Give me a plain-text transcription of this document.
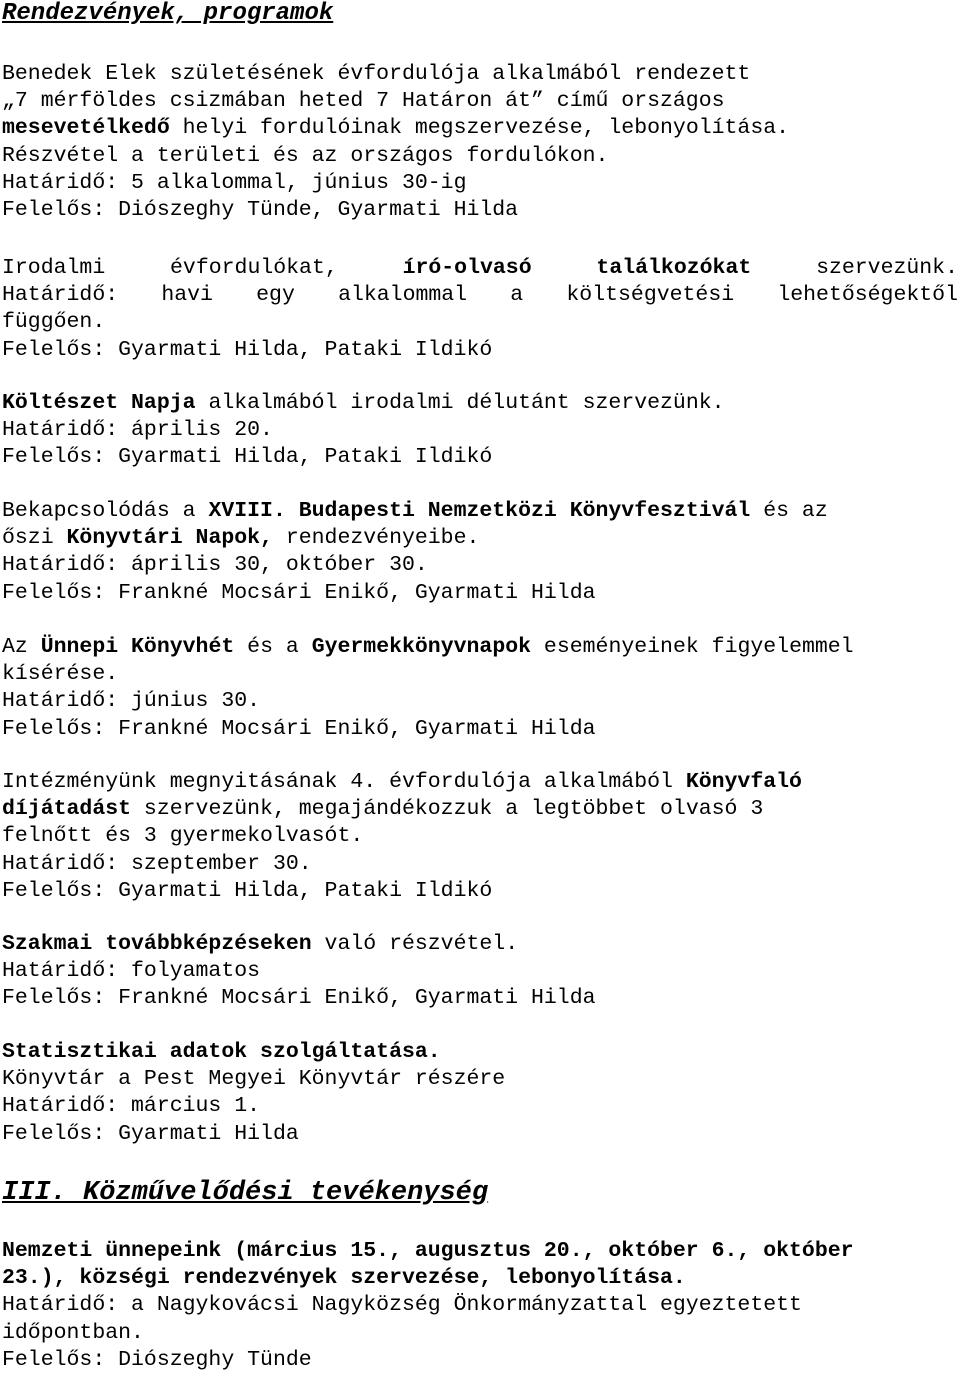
Rendezvények, programok
Benedek Elek születésének évfordulója alkalmából rendezett
„7 mérföldes csizmában heted 7 Határon át” című országos
mesevetélkedő helyi fordulóinak megszervezése, lebonyolítása.
Részvétel a területi és az országos fordulókon.
Határidő: 5 alkalommal, június 30-ig
Felelős: Diószeghy Tünde, Gyarmati Hilda
Irodalmi	évfordulókat,	író-olvasó	találkozókat	szervezünk.
Határidő: havi egy alkalommal a költségvetési lehetőségektől
függően.
Felelős: Gyarmati Hilda, Pataki Ildikó
Költészet Napja alkalmából irodalmi délutánt szervezünk.
Határidő: április 20.
Felelős: Gyarmati Hilda, Pataki Ildikó
Bekapcsolódás a XVIII. Budapesti Nemzetközi Könyvfesztivál és az
őszi Könyvtári Napok, rendezvényeibe.
Határidő: április 30, október 30.
Felelős: Frankné Mocsári Enikő, Gyarmati Hilda
Az Ünnepi Könyvhét és a Gyermekkönyvnapok eseményeinek figyelemmel
kísérése.
Határidő: június 30.
Felelős: Frankné Mocsári Enikő, Gyarmati Hilda
Intézményünk megnyitásának 4. évfordulója alkalmából Könyvfaló
díjátadást szervezünk, megajándékozzuk a legtöbbet olvasó 3
felnőtt és 3 gyermekolvasót.
Határidő: szeptember 30.
Felelős: Gyarmati Hilda, Pataki Ildikó
Szakmai továbbképzéseken való részvétel.
Határidő: folyamatos
Felelős: Frankné Mocsári Enikő, Gyarmati Hilda
Statisztikai adatok szolgáltatása.
Könyvtár a Pest Megyei Könyvtár részére
Határidő: március 1.
Felelős: Gyarmati Hilda
III. Közművelődési tevékenység
Nemzeti ünnepeink (március 15., augusztus 20., október 6., október
23.), községi rendezvények szervezése, lebonyolítása.
Határidő: a Nagykovácsi Nagyközség Önkormányzattal egyeztetett
időpontban.
Felelős: Diószeghy Tünde
